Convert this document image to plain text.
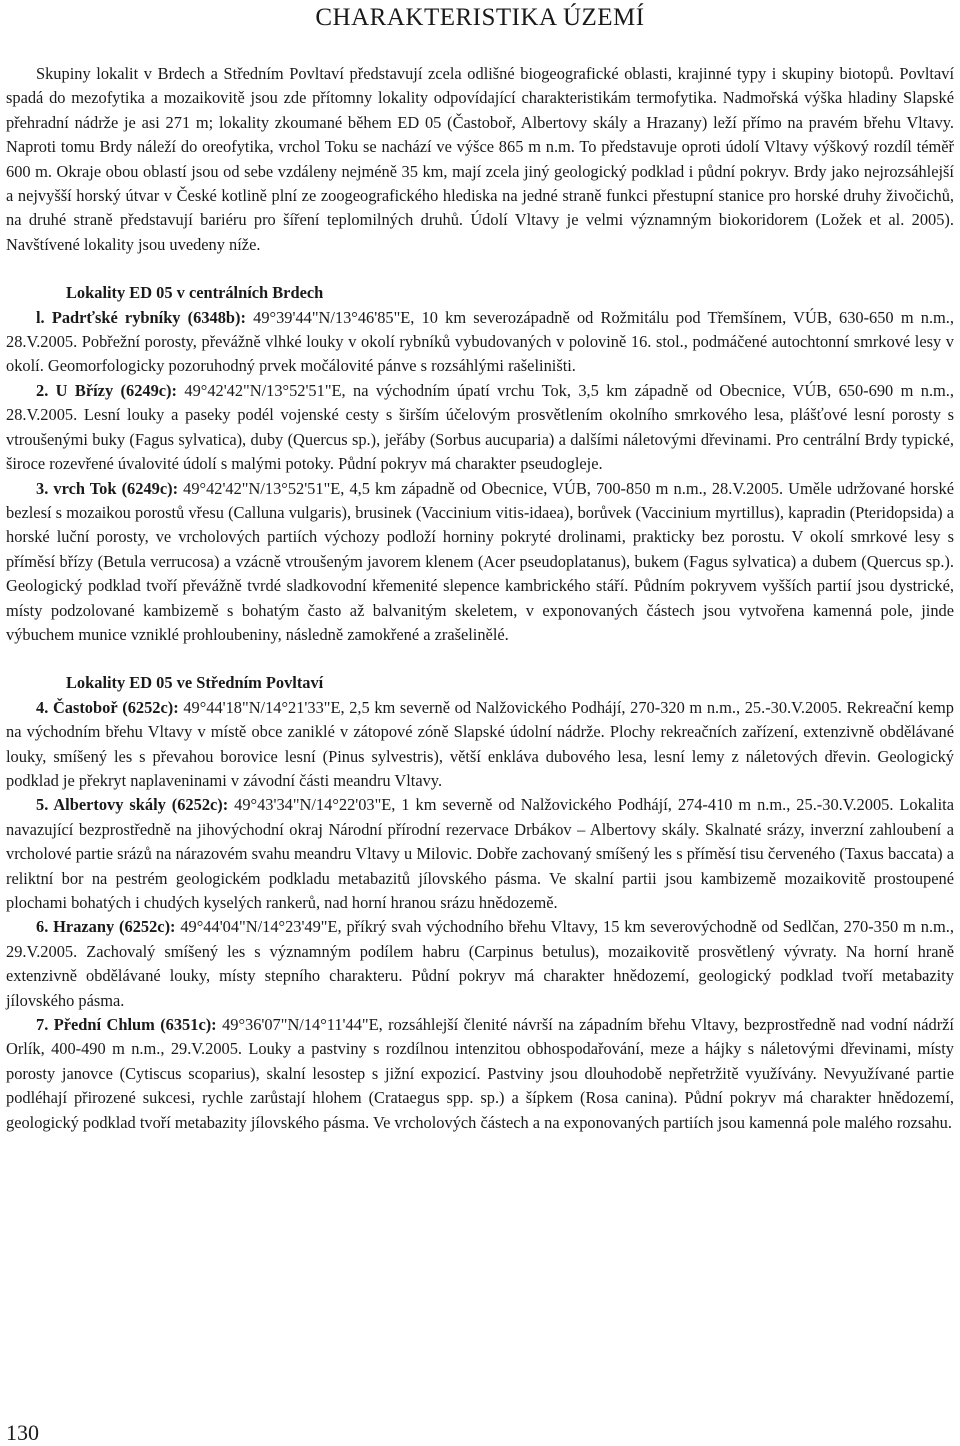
CHARAKTERISTIKA ÚZEMÍ

Skupiny lokalit v Brdech a Středním Povltaví představují zcela odlišné biogeografické oblasti, krajinné typy i skupiny biotopů. Povltaví spadá do mezofytika a mozaikovitě jsou zde přítomny lokality odpovídající charakteristikám termofytika. Nadmořská výška hladiny Slapské přehradní nádrže je asi 271 m; lokality zkoumané během ED 05 (Častoboř, Albertovy skály a Hrazany) leží přímo na pravém břehu Vltavy. Naproti tomu Brdy náleží do oreofytika, vrchol Toku se nachází ve výšce 865 m n.m. To představuje oproti údolí Vltavy výškový rozdíl téměř 600 m. Okraje obou oblastí jsou od sebe vzdáleny nejméně 35 km, mají zcela jiný geologický podklad i půdní pokryv. Brdy jako nejrozsáhlejší a nejvyšší horský útvar v České kotlině plní ze zoogeografického hlediska na jedné straně funkci přestupní stanice pro horské druhy živočichů, na druhé straně představují bariéru pro šíření teplomilných druhů. Údolí Vltavy je velmi významným biokoridorem (Ložek et al. 2005). Navštívené lokality jsou uvedeny níže.

Lokality ED 05 v centrálních Brdech

l. Padrťské rybníky (6348b): 49°39'44"N/13°46'85"E, 10 km severozápadně od Rožmitálu pod Třemšínem, VÚB, 630-650 m n.m., 28.V.2005. Pobřežní porosty, převážně vlhké louky v okolí rybníků vybudovaných v polovině 16. stol., podmáčené autochtonní smrkové lesy v okolí. Geomorfologicky pozoruhodný prvek močálovité pánve s rozsáhlými rašeliništi.

2. U Břízy (6249c): 49°42'42"N/13°52'51"E, na východním úpatí vrchu Tok, 3,5 km západně od Obecnice, VÚB, 650-690 m n.m., 28.V.2005. Lesní louky a paseky podél vojenské cesty s širším účelovým prosvětlením okolního smrkového lesa, plášťové lesní porosty s vtroušenými buky (Fagus sylvatica), duby (Quercus sp.), jeřáby (Sorbus aucuparia) a dalšími náletovými dřevinami. Pro centrální Brdy typické, široce rozevřené úvalovité údolí s malými potoky. Půdní pokryv má charakter pseudogleje.

3. vrch Tok (6249c): 49°42'42"N/13°52'51"E, 4,5 km západně od Obecnice, VÚB, 700-850 m n.m., 28.V.2005. Uměle udržované horské bezlesí s mozaikou porostů vřesu (Calluna vulgaris), brusinek (Vaccinium vitis-idaea), borůvek (Vaccinium myrtillus), kapradin (Pteridopsida) a horské luční porosty, ve vrcholových partiích výchozy podloží horniny pokryté drolinami, prakticky bez porostu. V okolí smrkové lesy s příměsí břízy (Betula verrucosa) a vzácně vtroušeným javorem klenem (Acer pseudoplatanus), bukem (Fagus sylvatica) a dubem (Quercus sp.). Geologický podklad tvoří převážně tvrdé sladkovodní křemenité slepence kambrického stáří. Půdním pokryvem vyšších partií jsou dystrické, místy podzolované kambizemě s bohatým často až balvanitým skeletem, v exponovaných částech jsou vytvořena kamenná pole, jinde výbuchem munice vzniklé prohloubeniny, následně zamokřené a zrašelinělé.

Lokality ED 05 ve Středním Povltaví

4. Častoboř (6252c): 49°44'18"N/14°21'33"E, 2,5 km severně od Nalžovického Podhájí, 270-320 m n.m., 25.-30.V.2005. Rekreační kemp na východním břehu Vltavy v místě obce zaniklé v zátopové zóně Slapské údolní nádrže. Plochy rekreačních zařízení, extenzivně obdělávané louky, smíšený les s převahou borovice lesní (Pinus sylvestris), větší enkláva dubového lesa, lesní lemy z náletových dřevin. Geologický podklad je překryt naplaveninami v závodní části meandru Vltavy.

5. Albertovy skály (6252c): 49°43'34"N/14°22'03"E, 1 km severně od Nalžovického Podhájí, 274-410 m n.m., 25.-30.V.2005. Lokalita navazující bezprostředně na jihovýchodní okraj Národní přírodní rezervace Drbákov – Albertovy skály. Skalnaté srázy, inverzní zahloubení a vrcholové partie srázů na nárazovém svahu meandru Vltavy u Milovic. Dobře zachovaný smíšený les s příměsí tisu červeného (Taxus baccata) a reliktní bor na pestrém geologickém podkladu metabazitů jílovského pásma. Ve skalní partii jsou kambizemě mozaikovitě prostoupené plochami bohatých i chudých kyselých rankerů, nad horní hranou srázu hnědozemě.

6. Hrazany (6252c): 49°44'04"N/14°23'49"E, příkrý svah východního břehu Vltavy, 15 km severovýchodně od Sedlčan, 270-350 m n.m., 29.V.2005. Zachovalý smíšený les s významným podílem habru (Carpinus betulus), mozaikovitě prosvětlený vývraty. Na horní hraně extenzivně obdělávané louky, místy stepního charakteru. Půdní pokryv má charakter hnědozemí, geologický podklad tvoří metabazity jílovského pásma.

7. Přední Chlum (6351c): 49°36'07"N/14°11'44"E, rozsáhlejší členité návrší na západním břehu Vltavy, bezprostředně nad vodní nádrží Orlík, 400-490 m n.m., 29.V.2005. Louky a pastviny s rozdílnou intenzitou obhospodařování, meze a hájky s náletovými dřevinami, místy porosty janovce (Cytiscus scoparius), skalní lesostep s jižní expozicí. Pastviny jsou dlouhodobě nepřetržitě využívány. Nevyužívané partie podléhají přirozené sukcesi, rychle zarůstají hlohem (Crataegus spp. sp.) a šípkem (Rosa canina). Půdní pokryv má charakter hnědozemí, geologický podklad tvoří metabazity jílovského pásma. Ve vrcholových částech a na exponovaných partiích jsou kamenná pole malého rozsahu.

130
